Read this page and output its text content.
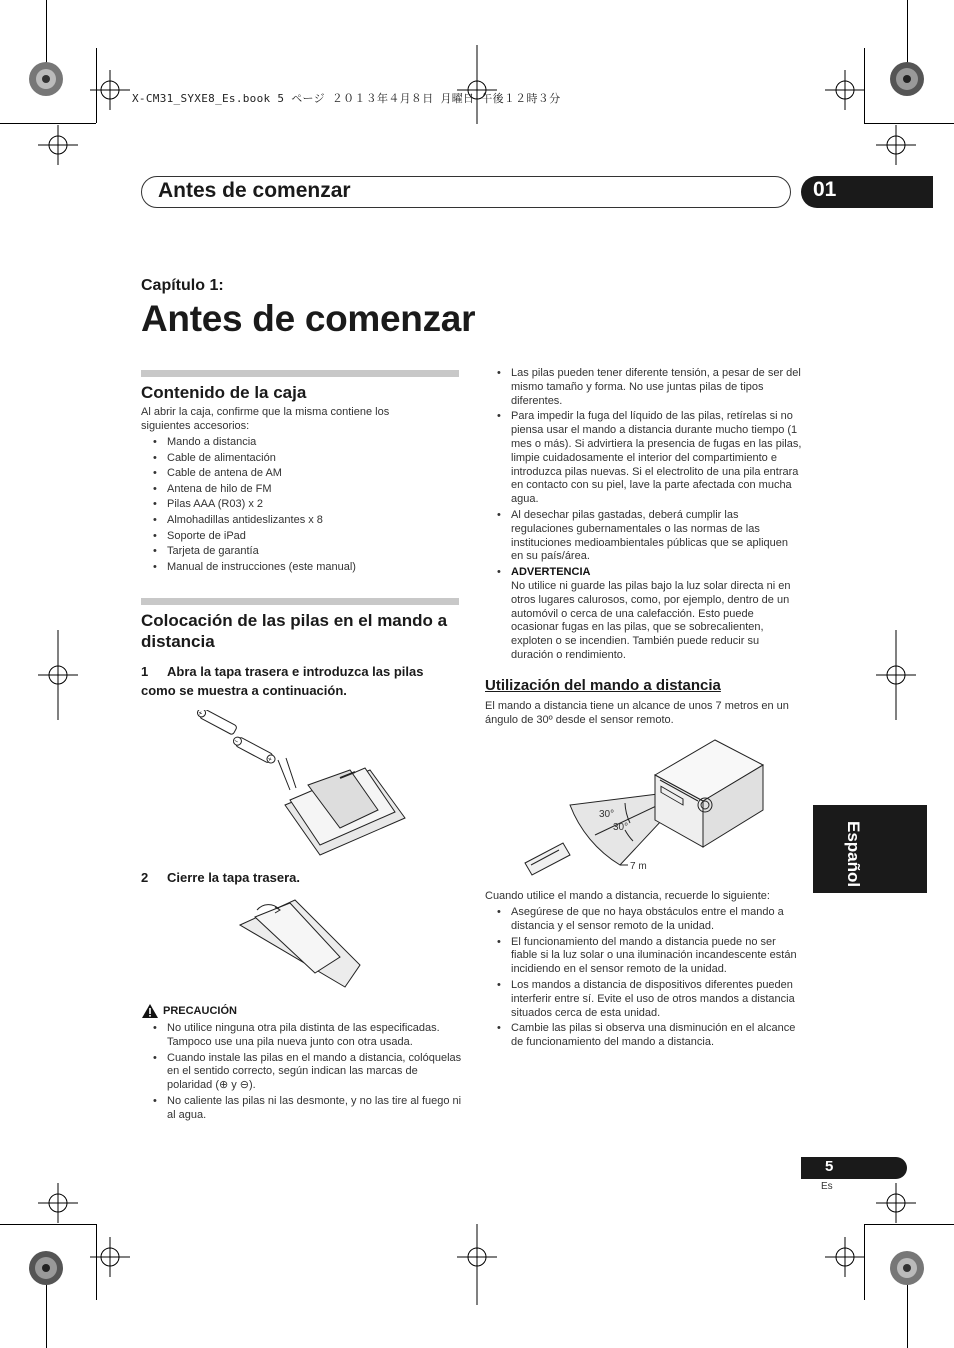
X-CM31_SYXE8_Es.book 5 ページ ２０１３年４月８日 月曜日 午後１２時３分
Antes de comenzar	01
Capítulo 1:
Antes de comenzar
Contenido de la caja
Al abrir la caja, confirme que la misma contiene los siguientes accesorios:
• Mando a distancia
• Cable de alimentación
• Cable de antena de AM
• Antena de hilo de FM
• Pilas AAA (R03) x 2
• Almohadillas antideslizantes x 8
• Soporte de iPad
• Tarjeta de garantía
• Manual de instrucciones (este manual)
Colocación de las pilas en el mando a distancia
1	Abra la tapa trasera e introduzca las pilas como se muestra a continuación.
+
−
+
2	Cierre la tapa trasera.
PRECAUCIÓN
• No utilice ninguna otra pila distinta de las especificadas. Tampoco use una pila nueva junto con otra usada.
• Cuando instale las pilas en el mando a distancia, colóquelas en el sentido correcto, según indican las marcas de polaridad (⊕ y ⊖).
• No caliente las pilas ni las desmonte, y no las tire al fuego ni al agua.
• Las pilas pueden tener diferente tensión, a pesar de ser del mismo tamaño y forma. No use juntas pilas de tipos diferentes.
• Para impedir la fuga del líquido de las pilas, retírelas si no piensa usar el mando a distancia durante mucho tiempo (1 mes o más). Si advirtiera la presencia de fugas en las pilas, limpie cuidadosamente el interior del compartimiento e introduzca pilas nuevas. Si el electrolito de una pila entrara en contacto con su piel, lave la parte afectada con mucha agua.
• Al desechar pilas gastadas, deberá cumplir las regulaciones gubernamentales o las normas de las instituciones medioambientales públicas que se apliquen en su país/área.
• ADVERTENCIA
No utilice ni guarde las pilas bajo la luz solar directa ni en otros lugares calurosos, como, por ejemplo, dentro de un automóvil o cerca de una calefacción. Esto puede ocasionar fugas en las pilas, que se sobrecalienten, exploten o se incendien. También puede reducir su duración o rendimiento.
Utilización del mando a distancia
El mando a distancia tiene un alcance de unos 7 metros en un ángulo de 30º desde el sensor remoto.
30°
30°
7 m
Cuando utilice el mando a distancia, recuerde lo siguiente:
• Asegúrese de que no haya obstáculos entre el mando a distancia y el sensor remoto de la unidad.
• El funcionamiento del mando a distancia puede no ser fiable si la luz solar o una iluminación incandescente están incidiendo en el sensor remoto de la unidad.
• Los mandos a distancia de dispositivos diferentes pueden interferir entre sí. Evite el uso de otros mandos a distancia situados cerca de esta unidad.
• Cambie las pilas si observa una disminución en el alcance de funcionamiento del mando a distancia.
Español
5
Es
